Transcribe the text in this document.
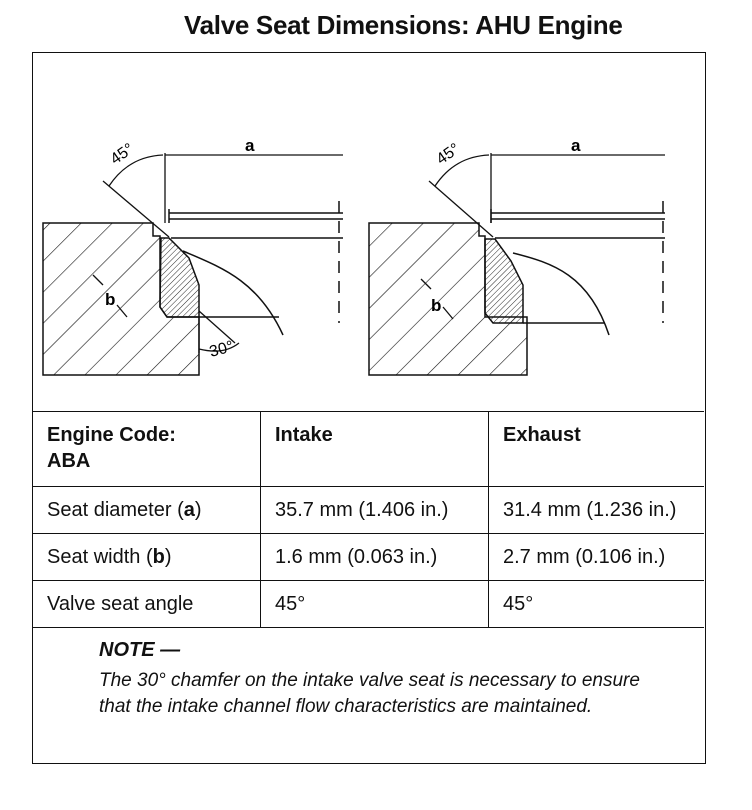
Valve Seat Dimensions: AHU Engine
45°	a
b
30°
45°	a
b
Engine Code:
ABA	Intake	Exhaust
Seat diameter (a)	35.7 mm (1.406 in.)	31.4 mm (1.236 in.)
Seat width (b)	1.6 mm (0.063 in.)	2.7 mm (0.106 in.)
Valve seat angle	45°	45°
NOTE —
The 30° chamfer on the intake valve seat is necessary to ensure that the intake channel flow characteristics are maintained.
